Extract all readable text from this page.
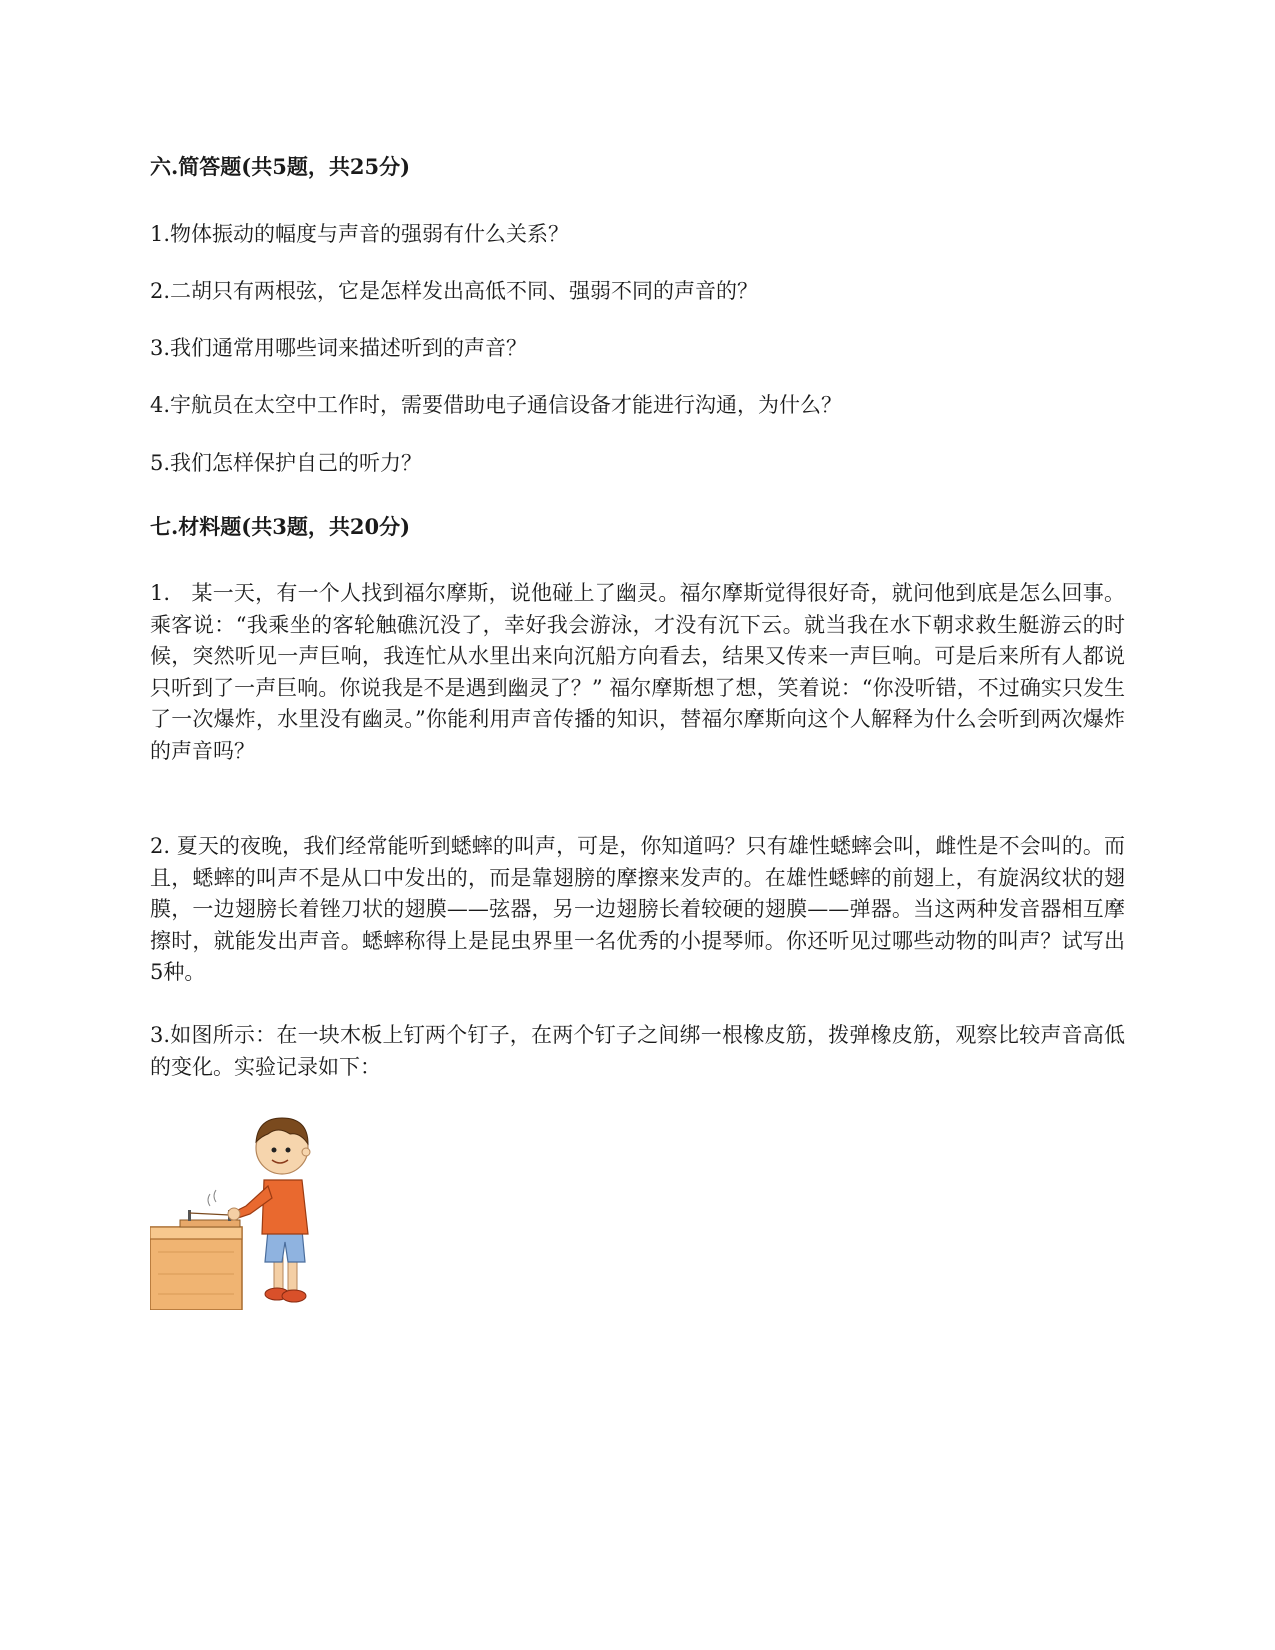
六.简答题(共5题，共25分)

1.物体振动的幅度与声音的强弱有什么关系？

2.二胡只有两根弦，它是怎样发出高低不同、强弱不同的声音的？

3.我们通常用哪些词来描述听到的声音？

4.宇航员在太空中工作时，需要借助电子通信设备才能进行沟通，为什么？

5.我们怎样保护自己的听力？

七.材料题(共3题，共20分)

1.　某一天，有一个人找到福尔摩斯，说他碰上了幽灵。福尔摩斯觉得很好奇，就问他到底是怎么回事。乘客说：“我乘坐的客轮触礁沉没了，幸好我会游泳，才没有沉下云。就当我在水下朝求救生艇游云的时候，突然听见一声巨响，我连忙从水里出来向沉船方向看去，结果又传来一声巨响。可是后来所有人都说只听到了一声巨响。你说我是不是遇到幽灵了？” 福尔摩斯想了想，笑着说：“你没听错，不过确实只发生了一次爆炸，水里没有幽灵。”你能利用声音传播的知识，替福尔摩斯向这个人解释为什么会听到两次爆炸的声音吗？

2. 夏天的夜晚，我们经常能听到蟋蟀的叫声，可是，你知道吗？只有雄性蟋蟀会叫，雌性是不会叫的。而且，蟋蟀的叫声不是从口中发出的，而是靠翅膀的摩擦来发声的。在雄性蟋蟀的前翅上，有旋涡纹状的翅膜，一边翅膀长着锉刀状的翅膜——弦器，另一边翅膀长着较硬的翅膜——弹器。当这两种发音器相互摩擦时，就能发出声音。蟋蟀称得上是昆虫界里一名优秀的小提琴师。你还听见过哪些动物的叫声？试写出5种。

3.如图所示：在一块木板上钉两个钉子，在两个钉子之间绑一根橡皮筋，拨弹橡皮筋，观察比较声音高低的变化。实验记录如下：
